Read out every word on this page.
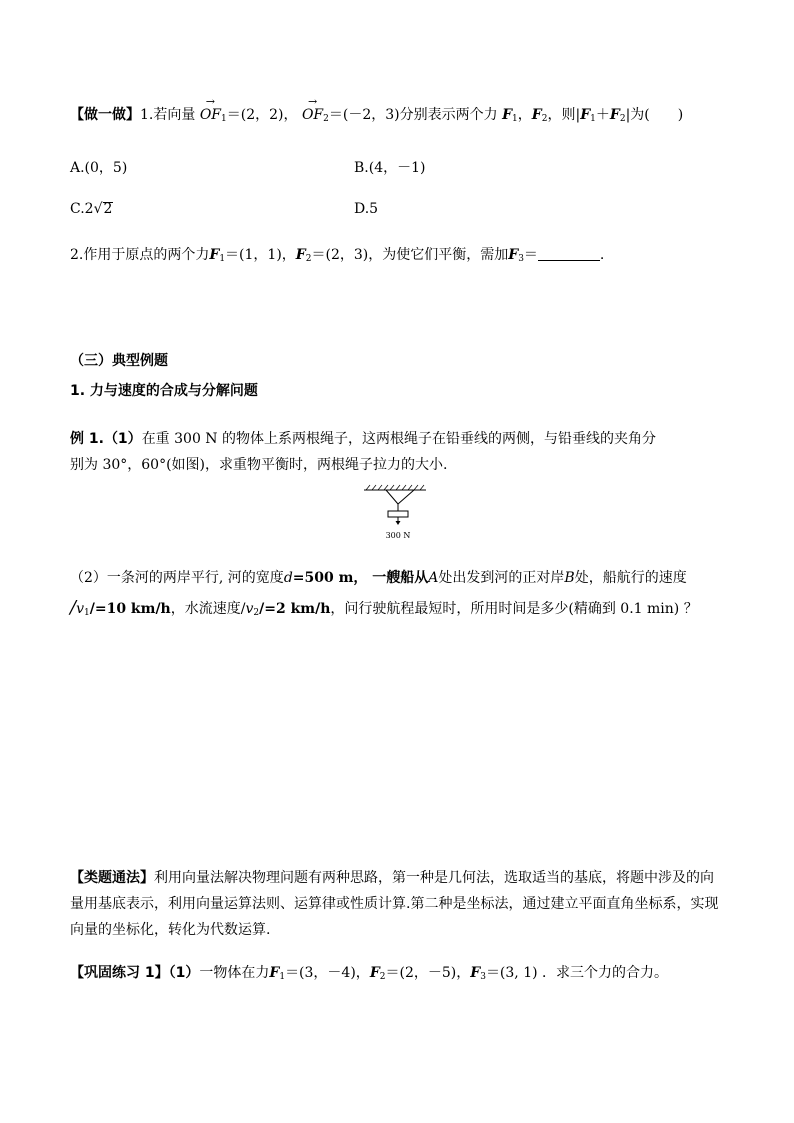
【做一做】1.若向量 → $OF_1=(2$，2)， → $OF_2=(-2$，3)分别表示两个力 $F_1$，$F_2$，则$|F_1+F_2|$为(　　)
A.(0，5)	B.(4，－1)
C.2√2	D.5
2.作用于原点的两个力$F_1=(1$，1)，$F_2=(2$，3)，为使它们平衡，需加$F_3=$	.
（三）典型例题
1. 力与速度的合成与分解问题
例 1.（1）在重 300 N 的物体上系两根绳子，这两根绳子在铅垂线的两侧，与铅垂线的夹角分
别为 30°，60°(如图)，求重物平衡时，两根绳子拉力的大小.
300 N
（2）一条河的两岸平行, 河的宽度d=500 m， 一艘船从A处出发到河的正对岸B处，船航行的速度
$/v_1/=10$ km/h，水流速度$/v_2/=2$ km/h，问行驶航程最短时，所用时间是多少(精确到 0.1 min) ？
【类题通法】利用向量法解决物理问题有两种思路，第一种是几何法，选取适当的基底，将题中涉及的向
量用基底表示，利用向量运算法则、运算律或性质计算.第二种是坐标法，通过建立平面直角坐标系，实现
向量的坐标化，转化为代数运算.
【巩固练习 1】（1）一物体在力$F_1=(3$，－4)，$F_2=(2$，－5)，$F_3=(3$, 1) ．求三个力的合力。
